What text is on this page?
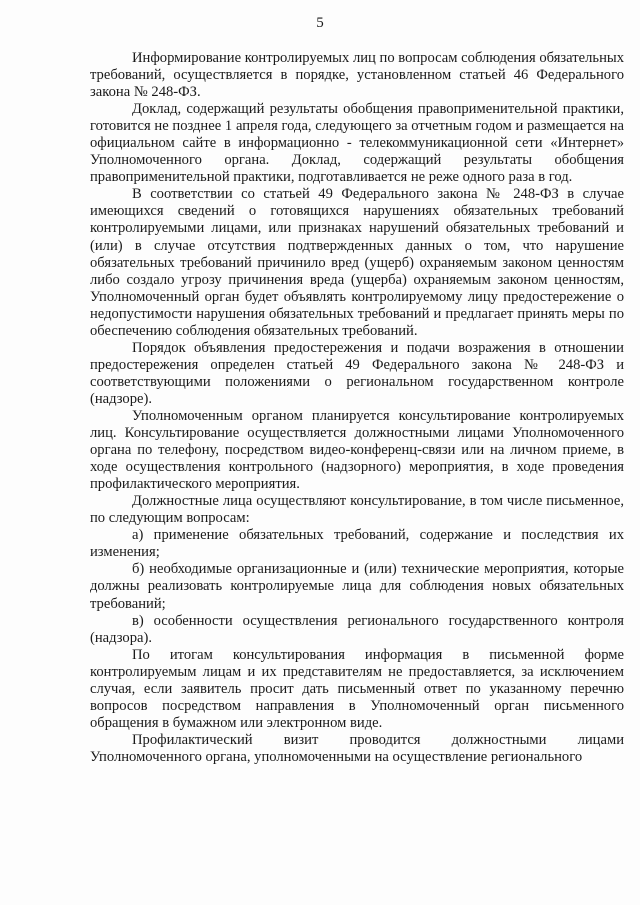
5

Информирование контролируемых лиц по вопросам соблюдения обязательных требований, осуществляется в порядке, установленном статьей 46 Федерального закона № 248-ФЗ.

Доклад, содержащий результаты обобщения правоприменительной практики, готовится не позднее 1 апреля года, следующего за отчетным годом и размещается на официальном сайте в информационно - телекоммуникационной сети «Интернет» Уполномоченного органа. Доклад, содержащий результаты обобщения правоприменительной практики, подготавливается не реже одного раза в год.

В соответствии со статьей 49 Федерального закона № 248-ФЗ в случае имеющихся сведений о готовящихся нарушениях обязательных требований контролируемыми лицами, или признаках нарушений обязательных требований и (или) в случае отсутствия подтвержденных данных о том, что нарушение обязательных требований причинило вред (ущерб) охраняемым законом ценностям либо создало угрозу причинения вреда (ущерба) охраняемым законом ценностям, Уполномоченный орган будет объявлять контролируемому лицу предостережение о недопустимости нарушения обязательных требований и предлагает принять меры по обеспечению соблюдения обязательных требований.

Порядок объявления предостережения и подачи возражения в отношении предостережения определен статьей 49 Федерального закона № 248-ФЗ и соответствующими положениями о региональном государственном контроле (надзоре).

Уполномоченным органом планируется консультирование контролируемых лиц. Консультирование осуществляется должностными лицами Уполномоченного органа по телефону, посредством видео-конференц-связи или на личном приеме, в ходе осуществления контрольного (надзорного) мероприятия, в ходе проведения профилактического мероприятия.

Должностные лица осуществляют консультирование, в том числе письменное, по следующим вопросам:

а) применение обязательных требований, содержание и последствия их изменения;

б) необходимые организационные и (или) технические мероприятия, которые должны реализовать контролируемые лица для соблюдения новых обязательных требований;

в) особенности осуществления регионального государственного контроля (надзора).

По итогам консультирования информация в письменной форме контролируемым лицам и их представителям не предоставляется, за исключением случая, если заявитель просит дать письменный ответ по указанному перечню вопросов посредством направления в Уполномоченный орган письменного обращения в бумажном или электронном виде.

Профилактический визит проводится должностными лицами Уполномоченного органа, уполномоченными на осуществление регионального
